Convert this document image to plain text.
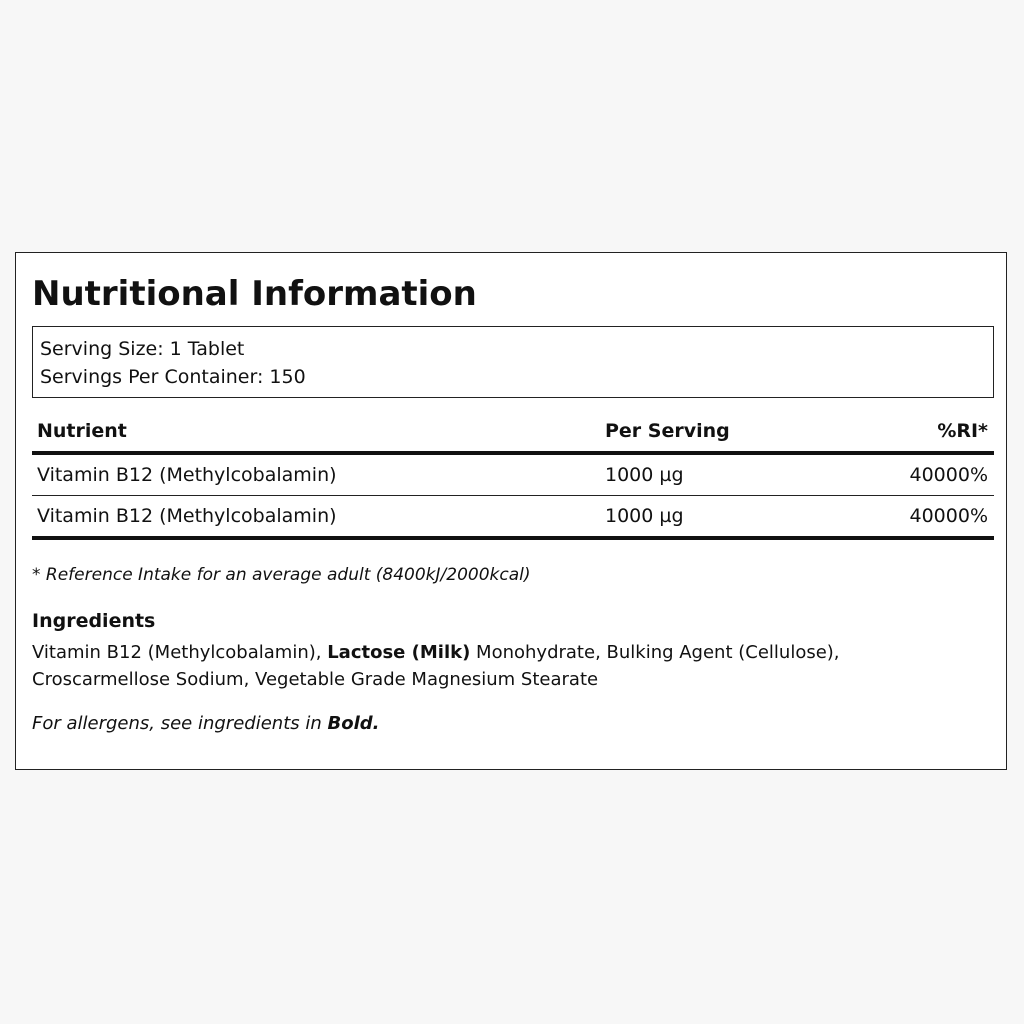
Nutritional Information
Serving Size: 1 Tablet
Servings Per Container: 150
Nutrient	Per Serving	%RI*
Vitamin B12 (Methylcobalamin)	1000 µg	40000%
Vitamin B12 (Methylcobalamin)	1000 µg	40000%
* Reference Intake for an average adult (8400kJ/2000kcal)
Ingredients
Vitamin B12 (Methylcobalamin), Lactose (Milk) Monohydrate, Bulking Agent (Cellulose), Croscarmellose Sodium, Vegetable Grade Magnesium Stearate
For allergens, see ingredients in Bold.
